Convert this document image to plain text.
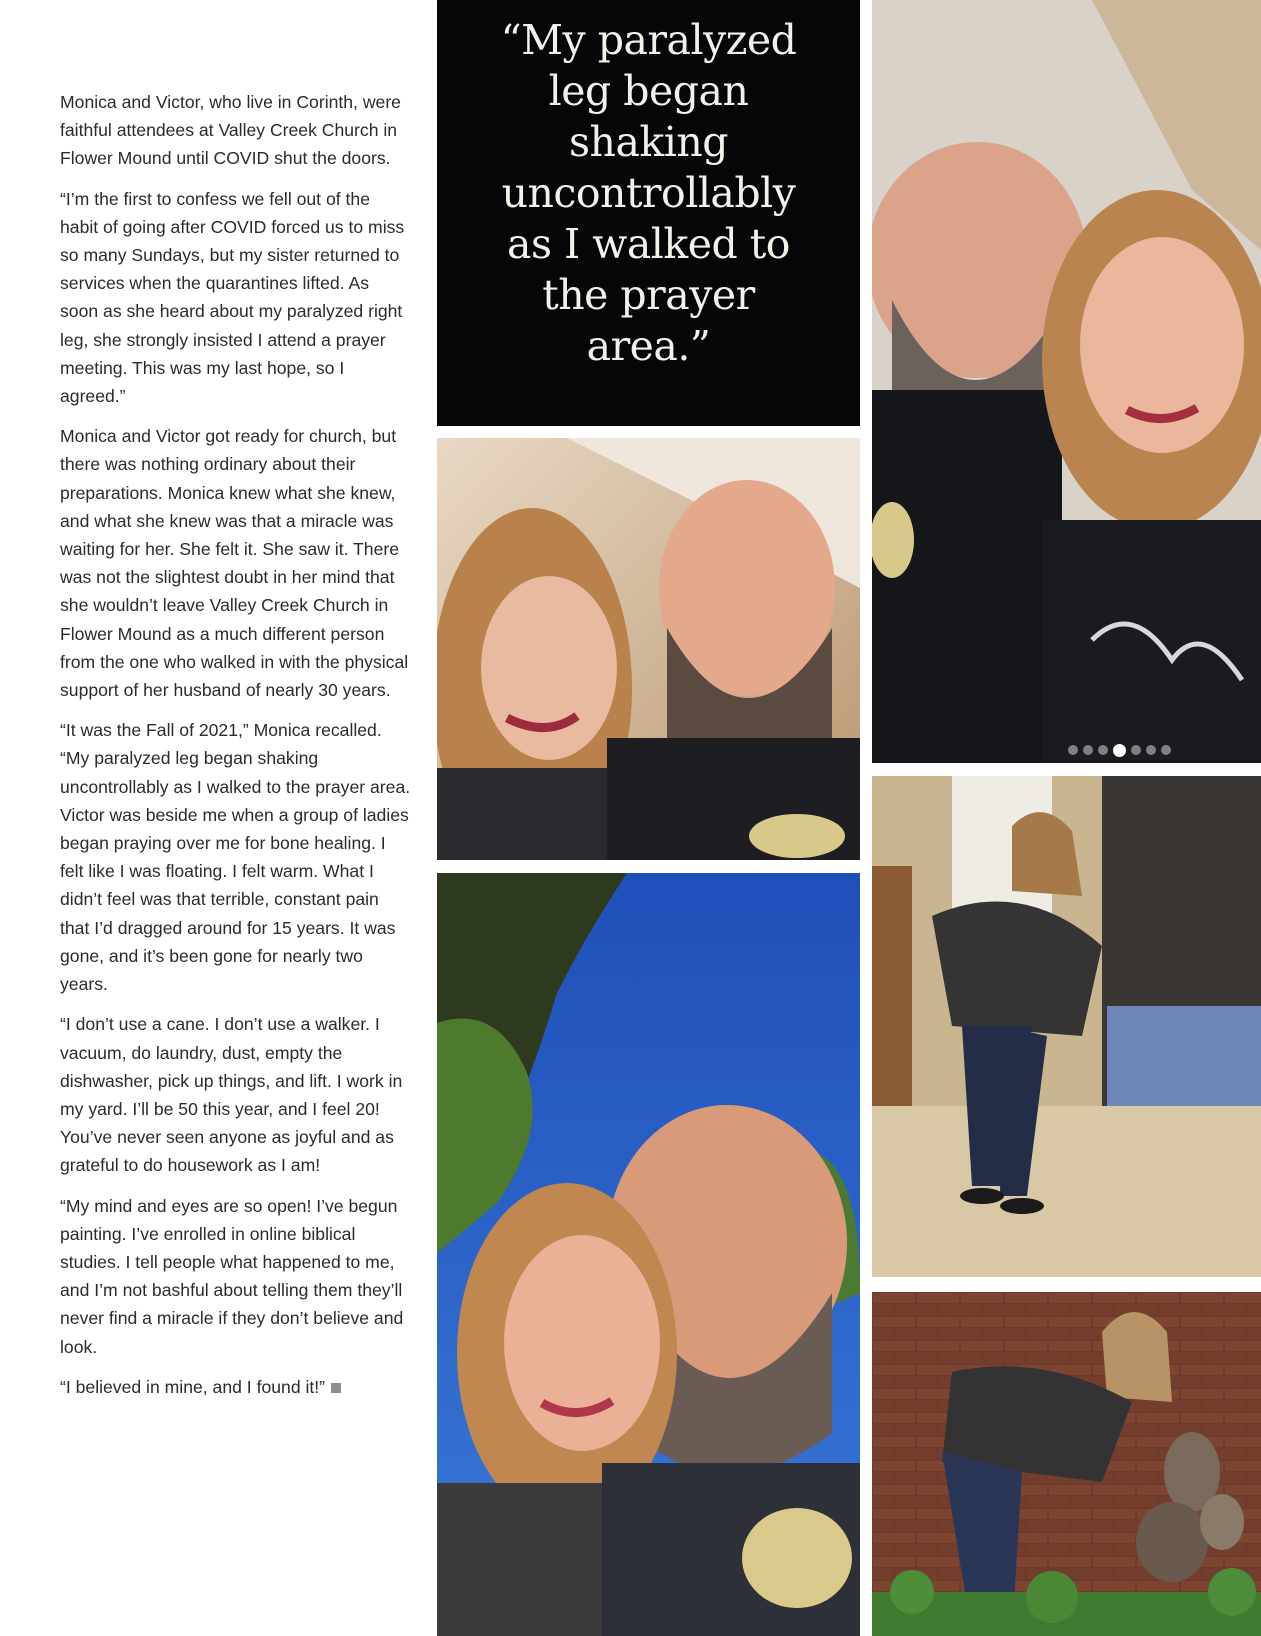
Monica and Victor, who live in Corinth, were faithful attendees at Valley Creek Church in Flower Mound until COVID shut the doors.

“I’m the first to confess we fell out of the habit of going after COVID forced us to miss so many Sundays, but my sister returned to services when the quarantines lifted. As soon as she heard about my paralyzed right leg, she strongly insisted I attend a prayer meeting. This was my last hope, so I agreed.”

Monica and Victor got ready for church, but there was nothing ordinary about their preparations. Monica knew what she knew, and what she knew was that a miracle was waiting for her. She felt it. She saw it. There was not the slightest doubt in her mind that she wouldn’t leave Valley Creek Church in Flower Mound as a much different person from the one who walked in with the physical support of her husband of nearly 30 years.

“It was the Fall of 2021,” Monica recalled. “My paralyzed leg began shaking uncontrollably as I walked to the prayer area. Victor was beside me when a group of ladies began praying over me for bone healing. I felt like I was floating. I felt warm. What I didn’t feel was that terrible, constant pain that I’d dragged around for 15 years. It was gone, and it’s been gone for nearly two years.

“I don’t use a cane. I don’t use a walker. I vacuum, do laundry, dust, empty the dishwasher, pick up things, and lift. I work in my yard. I’ll be 50 this year, and I feel 20! You’ve never seen anyone as joyful and as grateful to do housework as I am!

“My mind and eyes are so open! I’ve begun painting. I’ve enrolled in online biblical studies. I tell people what happened to me, and I’m not bashful about telling them they’ll never find a miracle if they don’t believe and look.

“I believed in mine, and I found it!”

“My paralyzed leg began shaking uncontrollably as I walked to the prayer area.”
